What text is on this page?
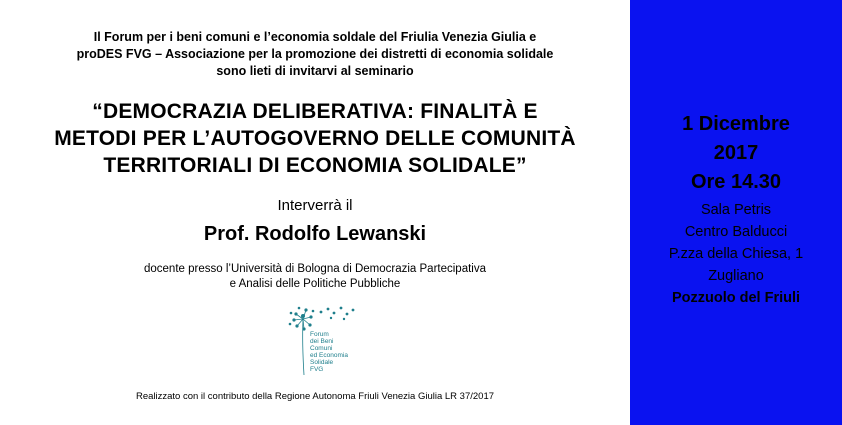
Il Forum per i beni comuni e l’economia soldale del Friulia Venezia Giulia e
proDES FVG – Associazione per la promozione dei distretti di economia solidale
sono lieti di invitarvi al seminario
“DEMOCRAZIA DELIBERATIVA: FINALITÀ E
METODI PER L’AUTOGOVERNO DELLE COMUNITÀ
TERRITORIALI DI ECONOMIA SOLIDALE”
Interverrà il
Prof. Rodolfo Lewanski
docente presso l’Università di Bologna di Democrazia Partecipativa
e Analisi delle Politiche Pubbliche
Forum
dei Beni
Comuni
ed Economia
Solidale
FVG
Realizzato con il contributo della Regione Autonoma Friuli Venezia Giulia LR 37/2017
1 Dicembre
2017
Ore 14.30
Sala Petris
Centro Balducci
P.zza della Chiesa, 1
Zugliano
Pozzuolo del Friuli
